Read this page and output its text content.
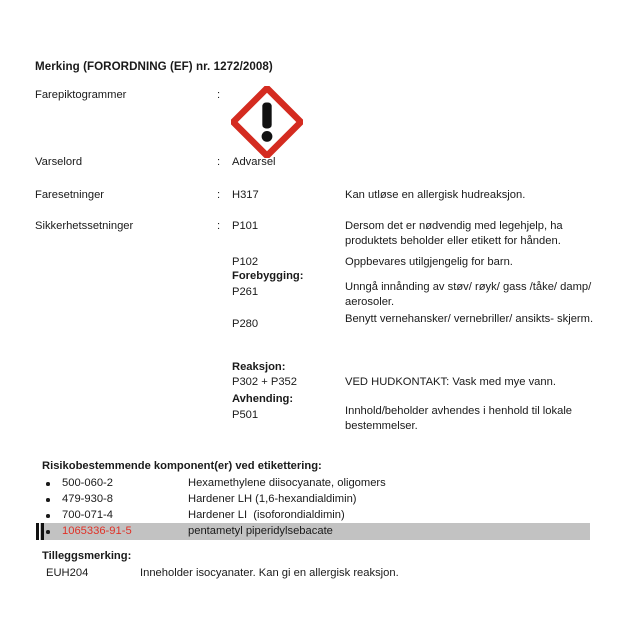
Merking (FORORDNING (EF) nr. 1272/2008)
Farepiktogrammer	:
Varselord	: Advarsel
Faresetninger	: H317	Kan utløse en allergisk hudreaksjon.
Sikkerhetssetninger	: P101	Dersom det er nødvendig med legehjelp, ha produktets beholder eller etikett for hånden.
P102	Oppbevares utilgjengelig for barn.
Forebygging:
P261	Unngå innånding av støv/ røyk/ gass /tåke/ damp/ aerosoler.
P280	Benytt vernehansker/ vernebriller/ ansikts- skjerm.
Reaksjon:
P302 + P352	VED HUDKONTAKT: Vask med mye vann.
Avhending:
P501	Innhold/beholder avhendes i henhold til lokale bestemmelser.
Risikobestemmende komponent(er) ved etikettering:
500-060-2	Hexamethylene diisocyanate, oligomers
479-930-8	Hardener LH (1,6-hexandialdimin)
700-071-4	Hardener LI  (isoforondialdimin)
1065336-91-5	pentametyl piperidylsebacate
Tilleggsmerking:
EUH204	Inneholder isocyanater. Kan gi en allergisk reaksjon.
